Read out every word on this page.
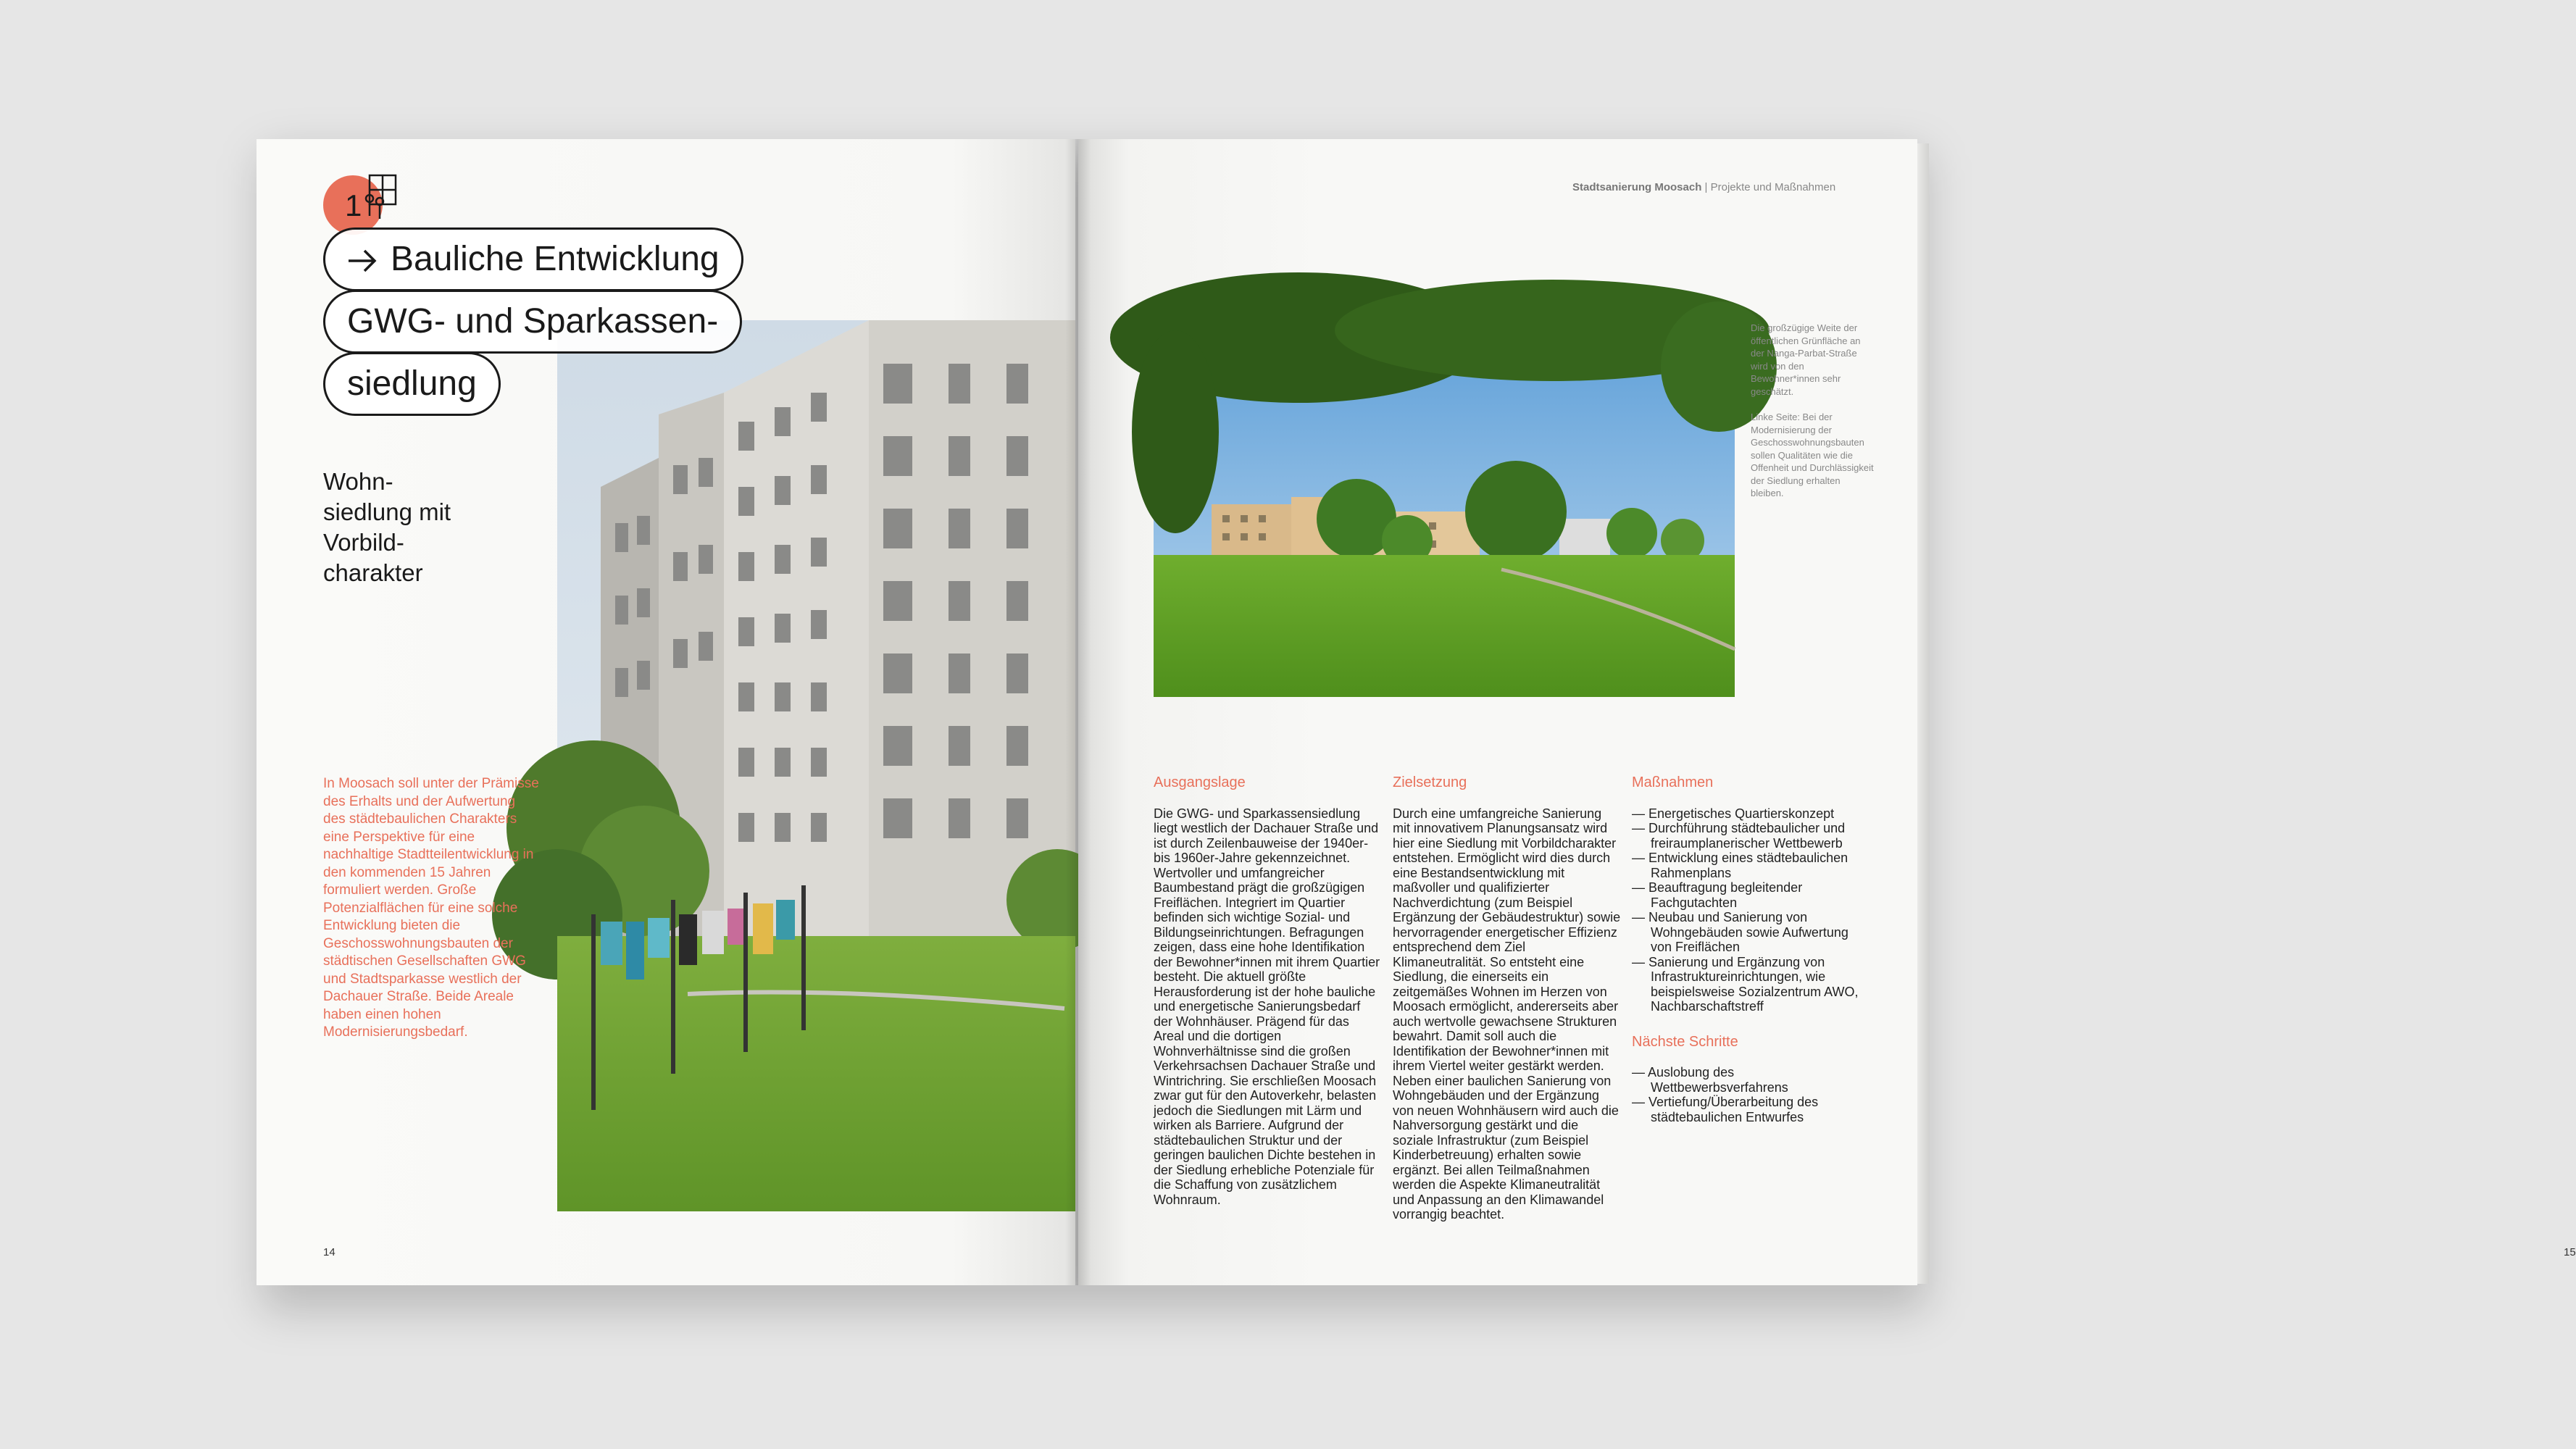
1
Bauliche Entwicklung
GWG- und Sparkassen-
siedlung
Wohn-
siedlung mit
Vorbild-
charakter
In Moosach soll unter der Prämisse des Erhalts und der Aufwertung des städtebaulichen Charakters eine Perspektive für eine nachhaltige Stadtteilentwicklung in den kommenden 15 Jahren formuliert werden. Große Potenzialflächen für eine solche Entwicklung bieten die Geschosswohnungsbauten der städtischen Gesellschaften GWG und Stadtsparkasse westlich der Dachauer Straße. Beide Areale haben einen hohen Modernisierungsbedarf.
14
Stadtsanierung Moosach | Projekte und Maßnahmen

Die großzügige Weite der öffentlichen Grünfläche an der Nanga-Parbat-Straße wird von den Bewohner*innen sehr geschätzt.

Linke Seite: Bei der Modernisierung der Geschosswohnungsbauten sollen Qualitäten wie die Offenheit und Durchlässigkeit der Siedlung erhalten bleiben.

Ausgangslage
Die GWG- und Sparkassensiedlung liegt westlich der Dachauer Straße und ist durch Zeilenbauweise der 1940er- bis 1960er-Jahre gekennzeichnet. Wertvoller und umfangreicher Baumbestand prägt die großzügigen Freiflächen. Integriert im Quartier befinden sich wichtige Sozial- und Bildungseinrichtungen. Befragungen zeigen, dass eine hohe Identifikation der Bewohner*innen mit ihrem Quartier besteht. Die aktuell größte Herausforderung ist der hohe bauliche und energetische Sanierungsbedarf der Wohnhäuser. Prägend für das Areal und die dortigen Wohnverhältnisse sind die großen Verkehrsachsen Dachauer Straße und Wintrichring. Sie erschließen Moosach zwar gut für den Autoverkehr, belasten jedoch die Siedlungen mit Lärm und wirken als Barriere. Aufgrund der städtebaulichen Struktur und der geringen baulichen Dichte bestehen in der Siedlung erhebliche Potenziale für die Schaffung von zusätzlichem Wohnraum.
Zielsetzung
Durch eine umfangreiche Sanierung mit innovativem Planungsansatz wird hier eine Siedlung mit Vorbildcharakter entstehen. Ermöglicht wird dies durch eine Bestandsentwicklung mit maßvoller und qualifizierter Nachverdichtung (zum Beispiel Ergänzung der Gebäudestruktur) sowie hervorragender energetischer Effizienz entsprechend dem Ziel Klimaneutralität. So entsteht eine Siedlung, die einerseits ein zeitgemäßes Wohnen im Herzen von Moosach ermöglicht, andererseits aber auch wertvolle gewachsene Strukturen bewahrt. Damit soll auch die Identifikation der Bewohner*innen mit ihrem Viertel weiter gestärkt werden. Neben einer baulichen Sanierung von Wohngebäuden und der Ergänzung von neuen Wohnhäusern wird auch die Nahversorgung gestärkt und die soziale Infrastruktur (zum Beispiel Kinderbetreuung) erhalten sowie ergänzt. Bei allen Teilmaßnahmen werden die Aspekte Klimaneutralität und Anpassung an den Klimawandel vorrangig beachtet.
Maßnahmen
— Energetisches Quartierskonzept
— Durchführung städtebaulicher und freiraumplanerischer Wettbewerb
— Entwicklung eines städtebaulichen Rahmenplans
— Beauftragung begleitender Fachgutachten
— Neubau und Sanierung von Wohngebäuden sowie Aufwertung von Freiflächen
— Sanierung und Ergänzung von Infrastruktureinrichtungen, wie beispielsweise Sozialzentrum AWO, Nachbarschaftstreff
Nächste Schritte
— Auslobung des Wettbewerbsverfahrens
— Vertiefung/Überarbeitung des städtebaulichen Entwurfes
15
